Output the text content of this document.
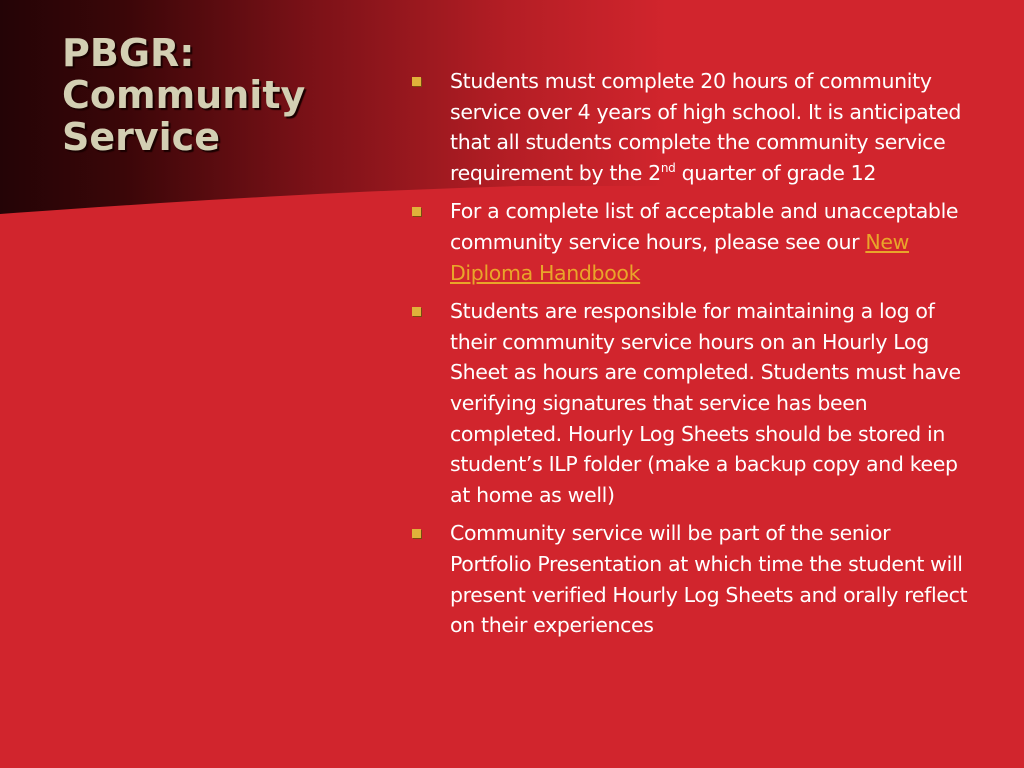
PBGR:
Community
Service
Students must complete 20 hours of community service over 4 years of high school. It is anticipated that all students complete the community service requirement by the 2nd quarter of grade 12
For a complete list of acceptable and unacceptable community service hours, please see our New Diploma Handbook
Students are responsible for maintaining a log of their community service hours on an Hourly Log Sheet as hours are completed. Students must have verifying signatures that service has been completed. Hourly Log Sheets should be stored in student’s ILP folder (make a backup copy and keep at home as well)
Community service will be part of the senior Portfolio Presentation at which time the student will present verified Hourly Log Sheets and orally reflect on their experiences
